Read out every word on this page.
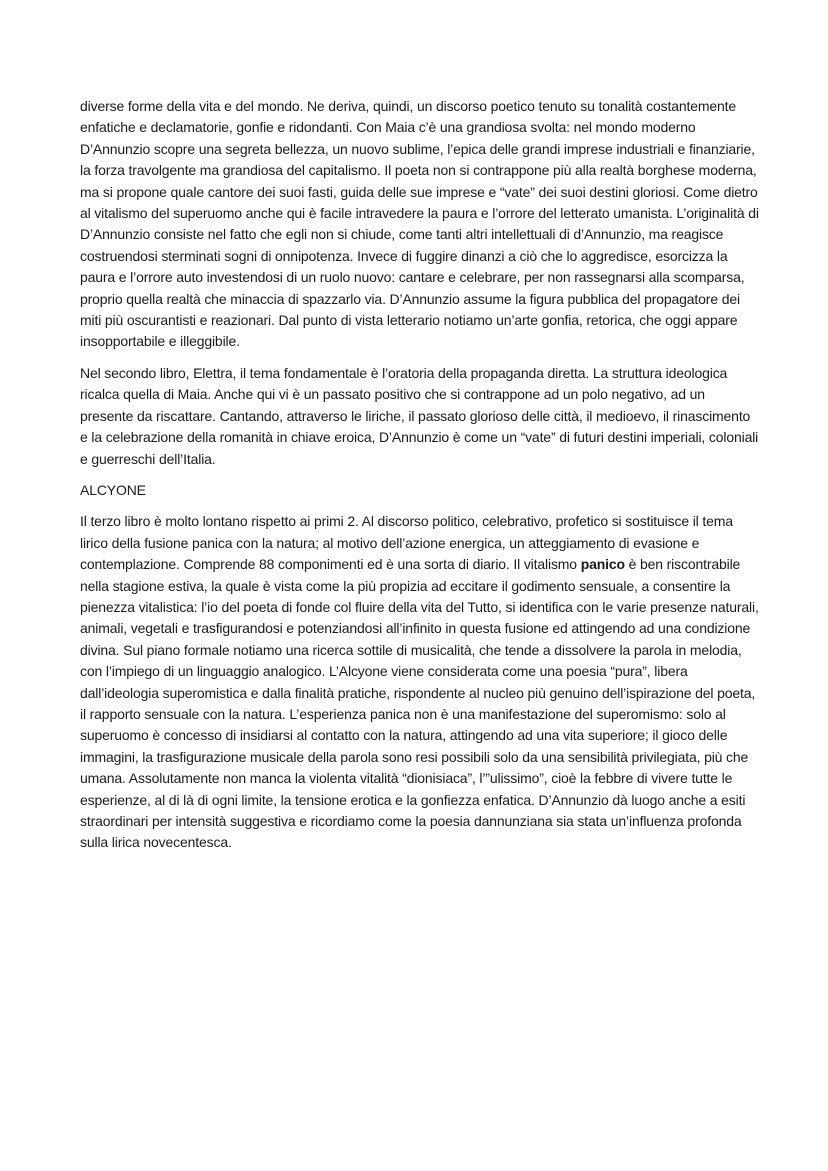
diverse forme della vita e del mondo. Ne deriva, quindi, un discorso poetico tenuto su tonalità costantemente enfatiche e declamatorie, gonfie e ridondanti. Con Maia c’è una grandiosa svolta: nel mondo moderno D’Annunzio scopre una segreta bellezza, un nuovo sublime, l’epica delle grandi imprese industriali e finanziarie, la forza travolgente ma grandiosa del capitalismo. Il poeta non si contrappone più alla realtà borghese moderna, ma si propone quale cantore dei suoi fasti, guida delle sue imprese e “vate” dei suoi destini gloriosi. Come dietro al vitalismo del superuomo anche qui è facile intravedere la paura e l’orrore del letterato umanista. L’originalità di D’Annunzio consiste nel fatto che egli non si chiude, come tanti altri intellettuali di d’Annunzio, ma reagisce costruendosi sterminati sogni di onnipotenza. Invece di fuggire dinanzi a ciò che lo aggredisce, esorcizza la paura e l’orrore auto investendosi di un ruolo nuovo: cantare e celebrare, per non rassegnarsi alla scomparsa, proprio quella realtà che minaccia di spazzarlo via. D’Annunzio assume la figura pubblica del propagatore dei miti più oscurantisti e reazionari. Dal punto di vista letterario notiamo un’arte gonfia, retorica, che oggi appare insopportabile e illeggibile.

Nel secondo libro, Elettra, il tema fondamentale è l’oratoria della propaganda diretta. La struttura ideologica ricalca quella di Maia. Anche qui vi è un passato positivo che si contrappone ad un polo negativo, ad un presente da riscattare. Cantando, attraverso le liriche, il passato glorioso delle città, il medioevo, il rinascimento e la celebrazione della romanità in chiave eroica, D’Annunzio è come un “vate” di futuri destini imperiali, coloniali e guerreschi dell’Italia.

ALCYONE

Il terzo libro è molto lontano rispetto ai primi 2. Al discorso politico, celebrativo, profetico si sostituisce il tema lirico della fusione panica con la natura; al motivo dell’azione energica, un atteggiamento di evasione e contemplazione. Comprende 88 componimenti ed è una sorta di diario. Il vitalismo panico è ben riscontrabile nella stagione estiva, la quale è vista come la più propizia ad eccitare il godimento sensuale, a consentire la pienezza vitalistica: l’io del poeta di fonde col fluire della vita del Tutto, si identifica con le varie presenze naturali, animali, vegetali e trasfigurandosi e potenziandosi all’infinito in questa fusione ed attingendo ad una condizione divina. Sul piano formale notiamo una ricerca sottile di musicalità, che tende a dissolvere la parola in melodia, con l’impiego di un linguaggio analogico. L’Alcyone viene considerata come una poesia “pura”, libera dall’ideologia superomistica e dalla finalità pratiche, rispondente al nucleo più genuino dell’ispirazione del poeta, il rapporto sensuale con la natura. L’esperienza panica non è una manifestazione del superomismo: solo al superuomo è concesso di insidiarsi al contatto con la natura, attingendo ad una vita superiore; il gioco delle immagini, la trasfigurazione musicale della parola sono resi possibili solo da una sensibilità privilegiata, più che umana. Assolutamente non manca la violenta vitalità “dionisiaca”, l’”ulissimo”, cioè la febbre di vivere tutte le esperienze, al di là di ogni limite, la tensione erotica e la gonfiezza enfatica. D’Annunzio dà luogo anche a esiti straordinari per intensità suggestiva e ricordiamo come la poesia dannunziana sia stata un’influenza profonda sulla lirica novecentesca.
